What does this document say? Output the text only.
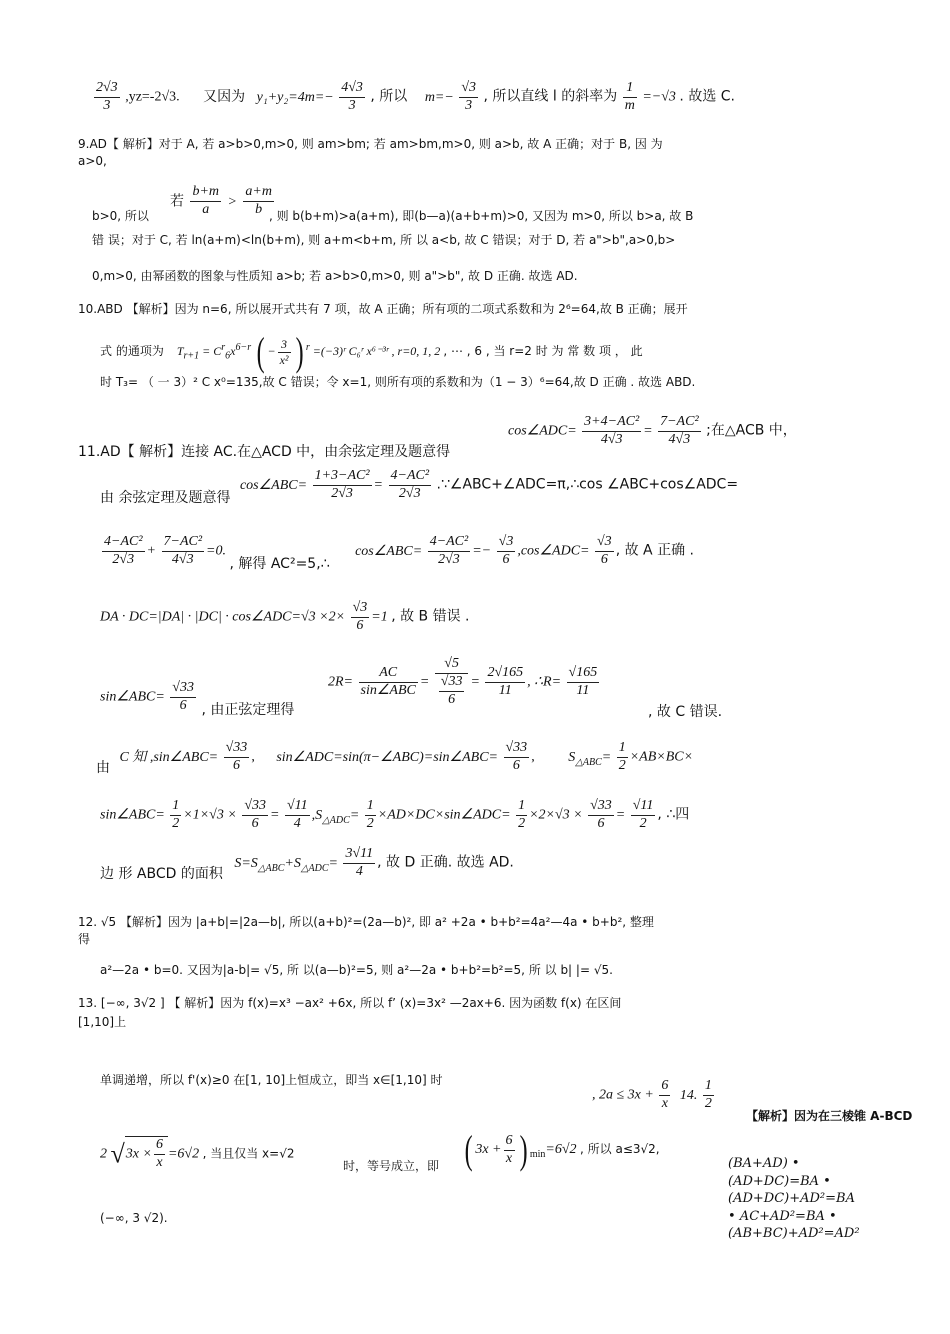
$\frac{2√3}{3} ,yz=-2√3$. 又因为 $y_1+y_2=4m=- \frac{4√3}{3}$ , 所以 $m=- \frac{√3}{3}$ , 所以直线 l 的斜率为 $\frac{1}{m} =-√3$ . 故选 C.
9.AD【 解析】对于 A, 若 a>b>0,m>0, 则 am>bm; 若 am>bm,m>0, 则 a>b, 故 A 正确；对于 B, 因 为
a>0,
若 $\frac{b+m}{a} > \frac{a+m}{b}$
b>0, 所以	, 则 b(b+m)>a(a+m), 即(b—a)(a+b+m)>0, 又因为 m>0, 所以 b>a, 故 B
错 误；对于 C, 若 ln(a+m)<ln(b+m), 则 a+m<b+m, 所 以 a<b, 故 C 错误；对于 D, 若 a">b",a>0,b>
0,m>0, 由幂函数的图象与性质知 a>b; 若 a>b>0,m>0, 则 a">b", 故 D 正确. 故选 AD.
10.ABD 【解析】因为 n=6, 所以展开式共有 7 项，故 A 正确；所有项的二项式系数和为 2⁶=64,故 B 正确；展开
式 的通项为 $T_{r+1} = C^r_6x^{6-r}$ ( − $\frac{3}{\text{x²}}$ ) $^r$ =(−3)ʳ C₆ʳ x⁶⁻³ʳ , r=0, 1, 2 , ⋯ , 6 , 当 r=2 时 为 常 数 项 ， 此
时 T₃= （ 一 3）² C x⁰=135,故 C 错误；令 x=1, 则所有项的系数和为（1 − 3）⁶=64,故 D 正确 . 故选 ABD.
cos∠ADC= $\frac{\text{3+4−AC²}}{4√3} = \frac{\text{7−AC²}}{4√3}$ ;在△ACB 中，
11.AD【 解析】连接 AC.在△ACD 中，由余弦定理及题意得
由 余弦定理及题意得 cos∠ABC= $\frac{\text{1+3−AC²}}{2√3} = \frac{\text{4−AC²}}{2√3}$ .∵∠ABC+∠ADC=π,∴cos ∠ABC+cos∠ADC=
$\frac{\text{4−AC²}}{2√3} + \frac{\text{7−AC²}}{4√3} =0$. , 解得 AC²=5,∴ cos∠ABC= $\frac{\text{4−AC²}}{2√3} =- \frac{√3}{6}$ ,cos∠ADC= $\frac{√3}{6}$ , 故 A 正确 .
DA · DC=|DA| · |DC| · cos∠ADC=√3 $\times 2\times \frac{√3}{6} =1$ , 故 B 错误 .
$2R= \frac{AC}{\text{sin∠ABC}} = \frac{√5}{\frac{√33}{6}} = \frac{2√165}{11}$ , ∴R= $\frac{√165}{11}$
sin∠ABC= $\frac{√33}{6}$ , 由正弦定理得	, 故 C 错误.
由 C 知 ,sin∠ABC= $\frac{√33}{6}$ , sin∠ADC=sin(π−∠ABC)=sin∠ABC= $\frac{√33}{6}$ , $S_{\triangle ABC}= \frac{1}{2} \times AB\times BC\times$
sin∠ABC= $\frac{1}{2} \times 1\times√3 \times \frac{√33}{6} = \frac{√11}{4} ,S_{\triangle ADC}= \frac{1}{2}$ ×AD×DC×sin∠ADC= $\frac{1}{2} \times 2\times√3 \times \frac{√33}{6} = \frac{√11}{2}$ , ∴四
边 形 ABCD 的面积 $S=S_{\triangle ABC}+S_{\triangle ADC}= \frac{3√11}{4}$ , 故 D 正确. 故选 AD.
12. √5 【解析】因为 |a+b|=|2a—b|, 所以(a+b)²=(2a—b)², 即 a² +2a • b+b²=4a²—4a • b+b², 整理
得
a²—2a • b=0. 又因为|a-b|= √5, 所 以(a—b)²=5, 则 a²—2a • b+b²=b²=5, 所 以 b| |= √5.
13. [−∞, 3√2 ] 【 解析】因为 f(x)=x³ −ax² +6x, 所以 f’ (x)=3x² —2ax+6. 因为函数 f(x) 在区间
[1,10]上
单调递增，所以 f'(x)≥0 在[1, 10]上恒成立，即当 x∈[1,10] 时
, $2a \le 3x + \frac{6}{x} 14$. $\frac{1}{2}$
【解析】因为在三棱锥 A-BCD
2 $√3x \times \frac{6}{x} =6√2$ , 当且仅当 x=√2
时，等号成立，即 ( $3x + \frac{6}{x}$ ) $_{min}$=6√2 , 所以 a≤3√2,
(−∞, 3 √2).
(BA+AD) •
(AD+DC)=BA •
(AD+DC)+AD²=BA
• AC+AD²=BA •
(AB+BC)+AD²=AD²
